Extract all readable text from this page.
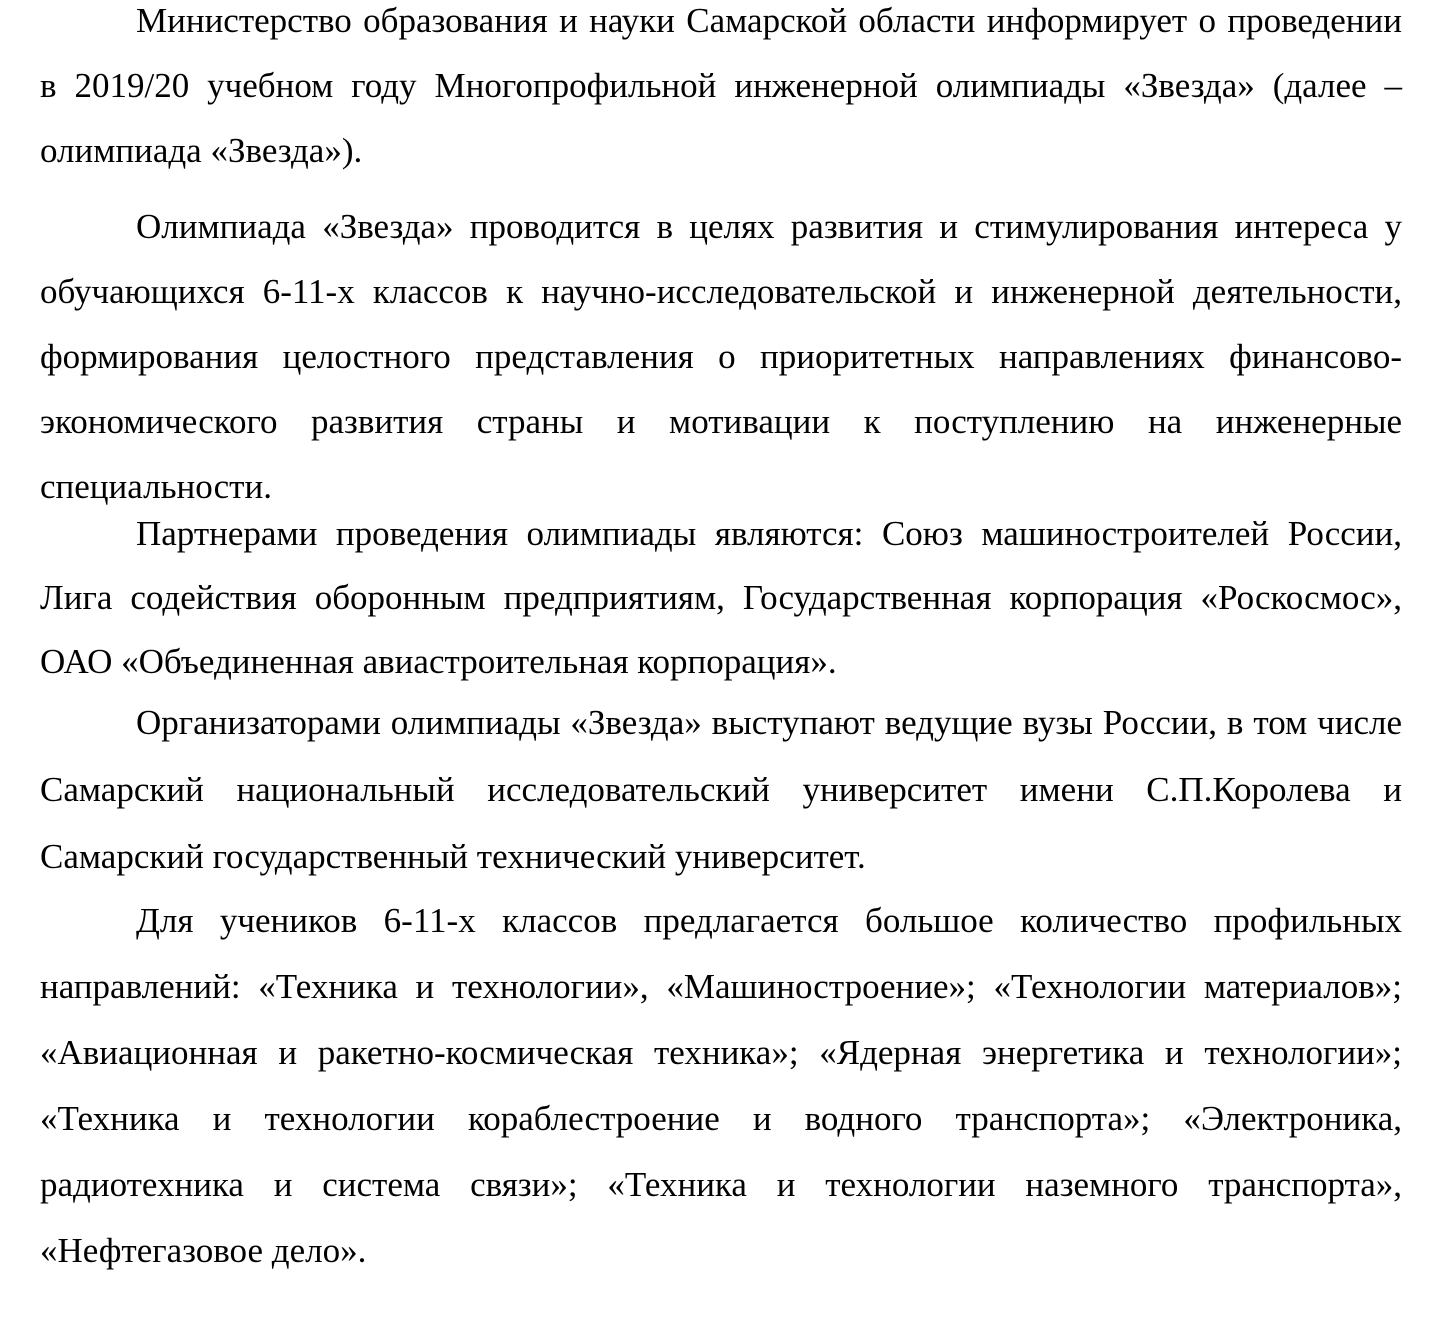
Министерство образования и науки Самарской области информирует о проведении в 2019/20 учебном году Многопрофильной инженерной олимпиады «Звезда» (далее – олимпиада «Звезда»).

Олимпиада «Звезда» проводится в целях развития и стимулирования интереса у обучающихся 6-11-х классов к научно-исследовательской и инженерной деятельности, формирования целостного представления о приоритетных направлениях финансово-экономического развития страны и мотивации к поступлению на инженерные специальности.

Партнерами проведения олимпиады являются: Союз машиностроителей России, Лига содействия оборонным предприятиям, Государственная корпорация «Роскосмос», ОАО «Объединенная авиастроительная корпорация».

Организаторами олимпиады «Звезда» выступают ведущие вузы России, в том числе Самарский национальный исследовательский университет имени С.П.Королева и Самарский государственный технический университет.

Для учеников 6-11-х классов предлагается большое количество профильных направлений: «Техника и технологии», «Машиностроение»; «Технологии материалов»; «Авиационная и ракетно-космическая техника»; «Ядерная энергетика и технологии»; «Техника и технологии кораблестроение и водного транспорта»; «Электроника, радиотехника и система связи»; «Техника и технологии наземного транспорта», «Нефтегазовое дело».
